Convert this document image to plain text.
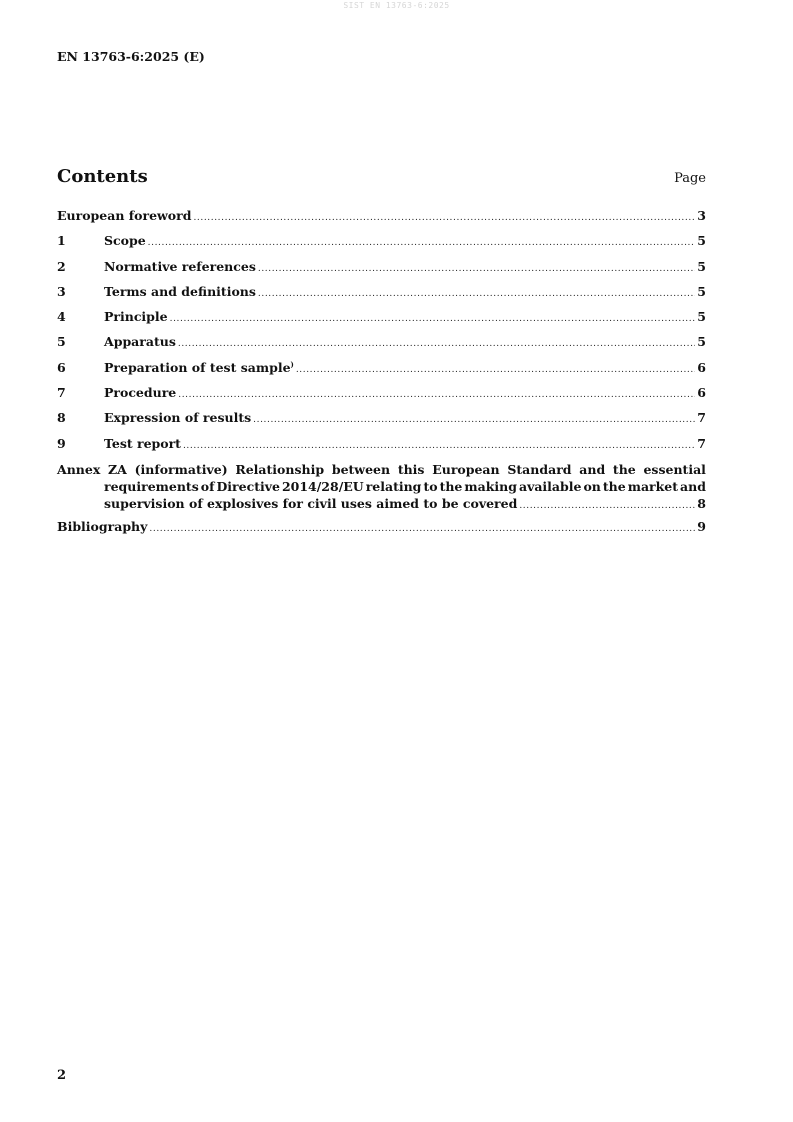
SIST EN 13763-6:2025
EN 13763-6:2025 (E)
Contents	Page
European foreword .....	3
1	Scope .....	5
2	Normative references .....	5
3	Terms and definitions .....	5
4	Principle .....	5
5	Apparatus .....	5
6	Preparation of test sample) .....	6
7	Procedure .....	6
8	Expression of results .....	7
9	Test report .....	7
Annex ZA (informative) Relationship between this European Standard and the essential
requirements of Directive 2014/28/EU relating to the making available on the market and
supervision of explosives for civil uses aimed to be covered .....	8
Bibliography .....	9
2
